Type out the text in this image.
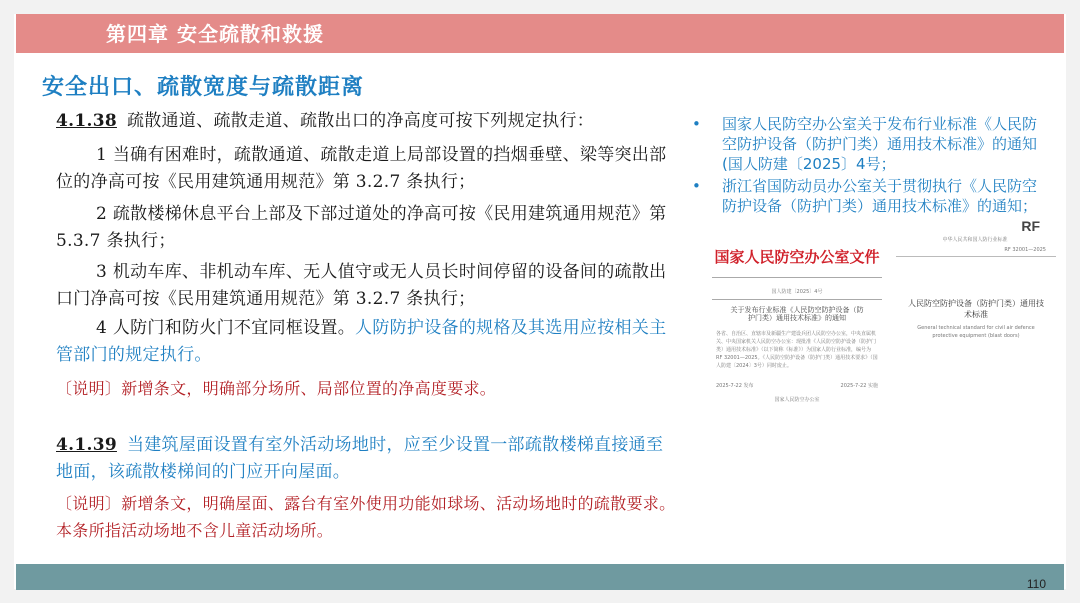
第四章 安全疏散和救援
安全出口、疏散宽度与疏散距离
4.1.38 疏散通道、疏散走道、疏散出口的净高度可按下列规定执行：
1 当确有困难时，疏散通道、疏散走道上局部设置的挡烟垂壁、梁等突出部位的净高可按《民用建筑通用规范》第 3.2.7 条执行；
2 疏散楼梯休息平台上部及下部过道处的净高可按《民用建筑通用规范》第 5.3.7 条执行；
3 机动车库、非机动车库、无人值守或无人员长时间停留的设备间的疏散出口门净高可按《民用建筑通用规范》第 3.2.7 条执行；
4 人防门和防火门不宜同框设置。人防防护设备的规格及其选用应按相关主管部门的规定执行。
〔说明〕新增条文，明确部分场所、局部位置的净高度要求。
4.1.39 当建筑屋面设置有室外活动场地时，应至少设置一部疏散楼梯直接通至地面，该疏散楼梯间的门应开向屋面。
〔说明〕新增条文，明确屋面、露台有室外使用功能如球场、活动场地时的疏散要求。本条所指活动场地不含儿童活动场所。
• 国家人民防空办公室关于发布行业标准《人民防空防护设备（防护门类）通用技术标准》的通知(国人防建〔2025〕4号；
• 浙江省国防动员办公室关于贯彻执行《人民防空防护设备（防护门类）通用技术标准》的通知；
国家人民防空办公室文件
国人防建〔2025〕4号
关于发布行业标准《人民防空防护设备（防护门类）通用技术标准》的通知
各省、自治区、直辖市及新疆生产建设兵团人民防空办公室，中央直属机关、中央国家机关人民防空办公室：现批准《人民防空防护设备（防护门类）通用技术标准》（以下简称《标准》）为国家人防行业标准，编号为 RF 32001—2025。《人民防空防护设备（防护门类）通用技术要求》（国人防建〔2024〕3号）同时废止。
2025-7-22 发布	2025-7-22 实施
国家人民防空办公室
RF
中华人民共和国人防行业标准
RF 32001—2025
人民防空防护设备（防护门类）通用技术标准
General technical standard for civil air defence protective equipment (blast doors)
110
